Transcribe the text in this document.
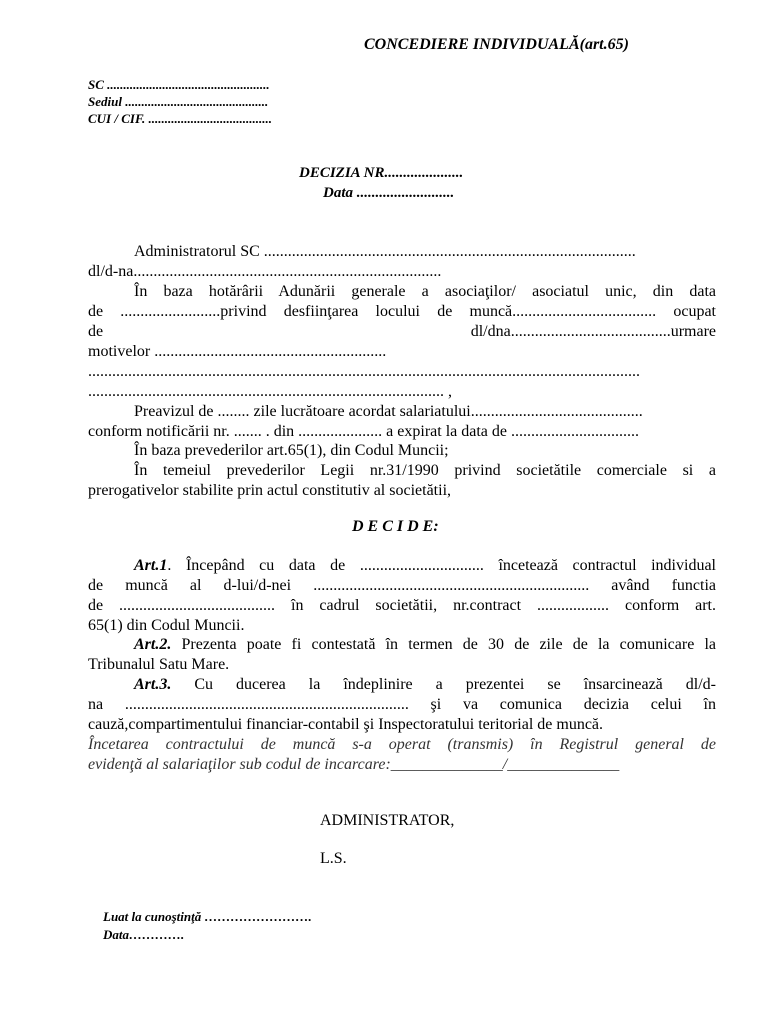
CONCEDIERE INDIVIDUALĂ(art.65)
SC ..................................................
Sediul ............................................
CUI / CIF. ......................................
DECIZIA NR.....................
Data ..........................
Administratorul SC .............................................................................................
dl/d-na.............................................................................
În baza hotărârii Adunării generale a asociaţilor/ asociatul unic, din data
de .........................privind desfiinţarea locului de muncă.................................... ocupat
de	dl/dna........................................urmare
motivelor ..........................................................
..........................................................................................................................................
......................................................................................... ,
Preavizul de ........ zile lucrătoare acordat salariatului...........................................
conform notificării nr. ....... . din ..................... a expirat la data de ................................
În baza prevederilor art.65(1), din Codul Muncii;
În temeiul prevederilor Legii nr.31/1990 privind societătile comerciale si a
prerogativelor stabilite prin actul constitutiv al societătii,
D E C I D E:
Art.1. Începând cu data de ............................... încetează contractul individual
de muncă al d-lui/d-nei ..................................................................... având functia
de ....................................... în cadrul societătii, nr.contract .................. conform art.
65(1) din Codul Muncii.
Art.2. Prezenta poate fi contestată în termen de 30 de zile de la comunicare la
Tribunalul Satu Mare.
Art.3. Cu ducerea la îndeplinire a prezentei se însarcinează dl/d-
na ....................................................................... şi va comunica decizia celui în
cauză,compartimentului financiar-contabil şi Inspectoratului teritorial de muncă.
Încetarea contractului de muncă s-a operat (transmis) în Registrul general de
evidenţă al salariaţilor sub codul de incarcare:______________/______________
ADMINISTRATOR,
L.S.
Luat la cunoştinţă …………………….
Data………….
